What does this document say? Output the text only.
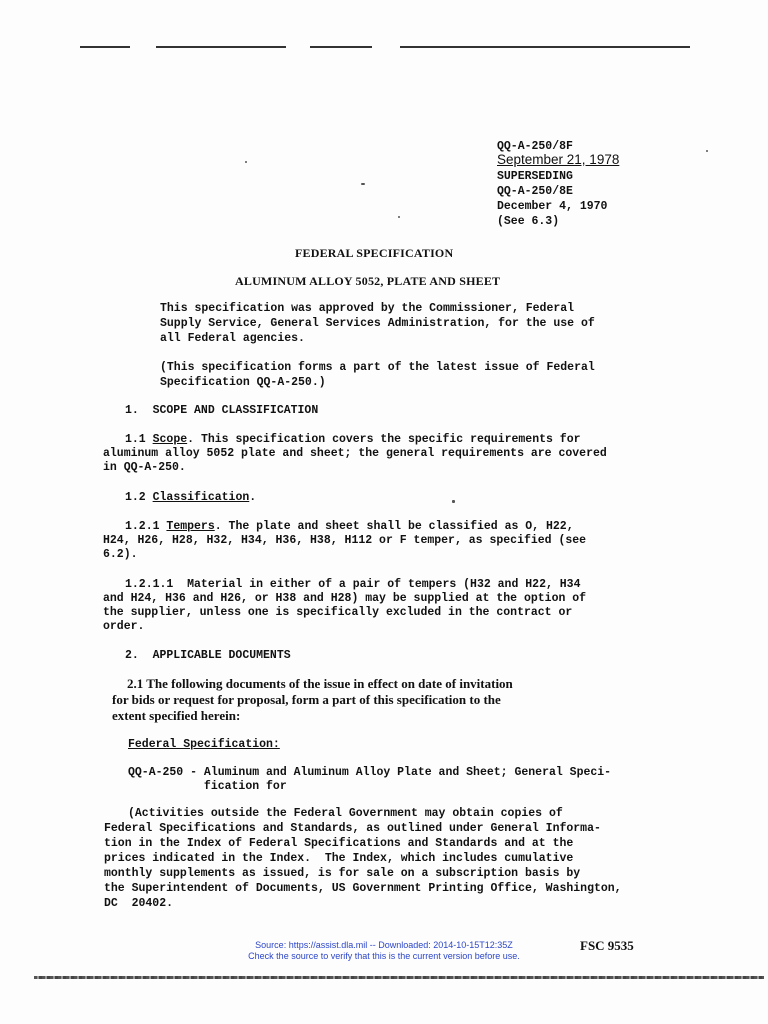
QQ-A-250/8F
September 21, 1978
SUPERSEDING
QQ-A-250/8E
December 4, 1970
(See 6.3)
FEDERAL SPECIFICATION
ALUMINUM ALLOY 5052, PLATE AND SHEET
This specification was approved by the Commissioner, Federal
Supply Service, General Services Administration, for the use of
all Federal agencies.
(This specification forms a part of the latest issue of Federal
Specification QQ-A-250.)
1.  SCOPE AND CLASSIFICATION
1.1 Scope. This specification covers the specific requirements for
aluminum alloy 5052 plate and sheet; the general requirements are covered
in QQ-A-250.
1.2 Classification.
1.2.1 Tempers. The plate and sheet shall be classified as O, H22,
H24, H26, H28, H32, H34, H36, H38, H112 or F temper, as specified (see
6.2).
1.2.1.1  Material in either of a pair of tempers (H32 and H22, H34
and H24, H36 and H26, or H38 and H28) may be supplied at the option of
the supplier, unless one is specifically excluded in the contract or
order.
2.  APPLICABLE DOCUMENTS
2.1 The following documents of the issue in effect on date of invitation
for bids or request for proposal, form a part of this specification to the
extent specified herein:
Federal Specification:
QQ-A-250 - Aluminum and Aluminum Alloy Plate and Sheet; General Speci-
fication for
(Activities outside the Federal Government may obtain copies of
Federal Specifications and Standards, as outlined under General Informa-
tion in the Index of Federal Specifications and Standards and at the
prices indicated in the Index.  The Index, which includes cumulative
monthly supplements as issued, is for sale on a subscription basis by
the Superintendent of Documents, US Government Printing Office, Washington,
DC  20402.
Source: https://assist.dla.mil -- Downloaded: 2014-10-15T12:35Z
Check the source to verify that this is the current version before use.
FSC 9535
